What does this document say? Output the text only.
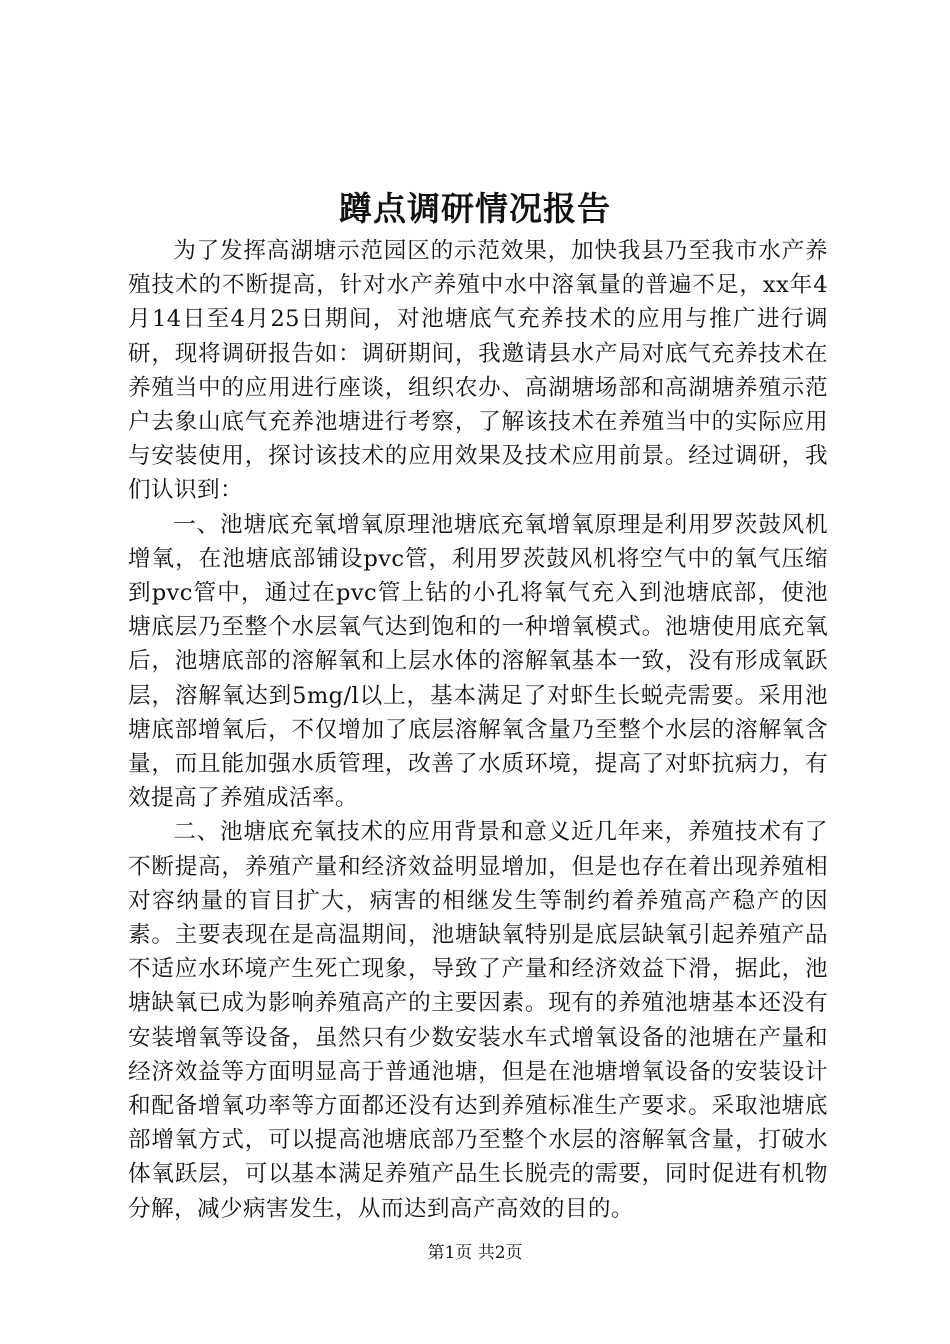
蹲点调研情况报告

为了发挥高湖塘示范园区的示范效果，加快我县乃至我市水产养殖技术的不断提高，针对水产养殖中水中溶氧量的普遍不足，xx年4月14日至4月25日期间，对池塘底气充养技术的应用与推广进行调研，现将调研报告如：调研期间，我邀请县水产局对底气充养技术在养殖当中的应用进行座谈，组织农办、高湖塘场部和高湖塘养殖示范户去象山底气充养池塘进行考察，了解该技术在养殖当中的实际应用与安装使用，探讨该技术的应用效果及技术应用前景。经过调研，我们认识到：

一、池塘底充氧增氧原理池塘底充氧增氧原理是利用罗茨鼓风机增氧，在池塘底部铺设pvc管，利用罗茨鼓风机将空气中的氧气压缩到pvc管中，通过在pvc管上钻的小孔将氧气充入到池塘底部，使池塘底层乃至整个水层氧气达到饱和的一种增氧模式。池塘使用底充氧后，池塘底部的溶解氧和上层水体的溶解氧基本一致，没有形成氧跃层，溶解氧达到5mg/l以上，基本满足了对虾生长蜕壳需要。采用池塘底部增氧后，不仅增加了底层溶解氧含量乃至整个水层的溶解氧含量，而且能加强水质管理，改善了水质环境，提高了对虾抗病力，有效提高了养殖成活率。

二、池塘底充氧技术的应用背景和意义近几年来，养殖技术有了不断提高，养殖产量和经济效益明显增加，但是也存在着出现养殖相对容纳量的盲目扩大，病害的相继发生等制约着养殖高产稳产的因素。主要表现在是高温期间，池塘缺氧特别是底层缺氧引起养殖产品不适应水环境产生死亡现象，导致了产量和经济效益下滑，据此，池塘缺氧已成为影响养殖高产的主要因素。现有的养殖池塘基本还没有安装增氧等设备，虽然只有少数安装水车式增氧设备的池塘在产量和经济效益等方面明显高于普通池塘，但是在池塘增氧设备的安装设计和配备增氧功率等方面都还没有达到养殖标准生产要求。采取池塘底部增氧方式，可以提高池塘底部乃至整个水层的溶解氧含量，打破水体氧跃层，可以基本满足养殖产品生长脱壳的需要，同时促进有机物分解，减少病害发生，从而达到高产高效的目的。

第1页 共2页
